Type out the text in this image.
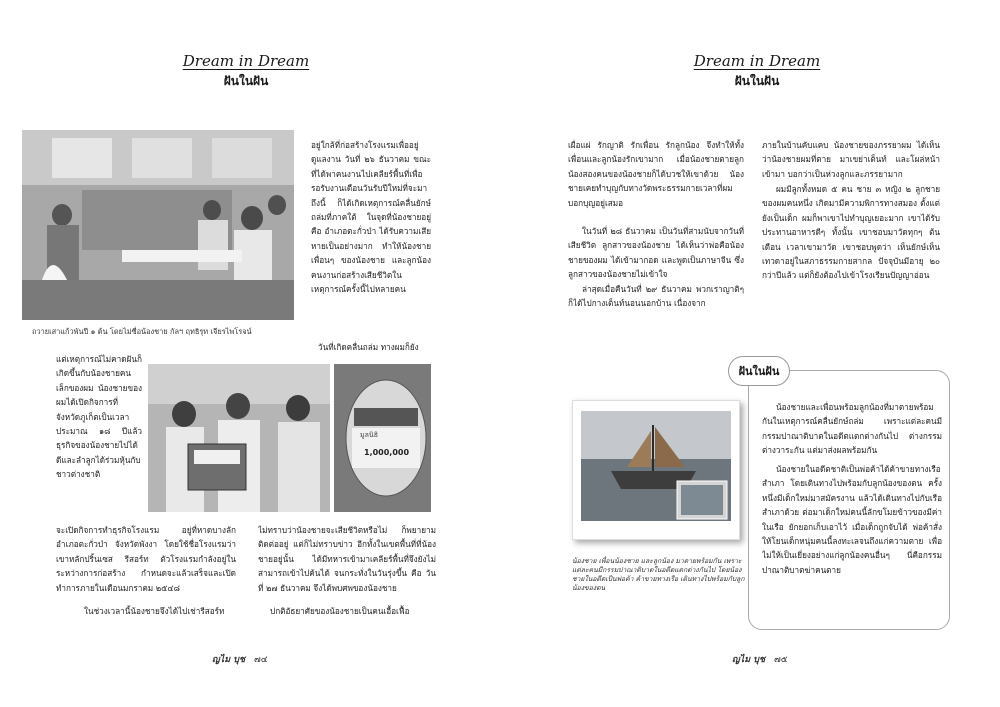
Dream in Dream
ฝันในฝัน
ถวายเสาแก้วพันปี ๑ ต้น โดยไม่ซื่อน้องชาย กัลฯ ฤทธิรุท เจียรไพโรจน์
อยู่ใกล้ที่ก่อสร้างโรงแรมเพื่ออยู่ดูแลงาน วันที่ ๒๖ ธันวาคม ขณะที่ได้พาคนงานไปเคลียร์พื้นที่เพื่อรอรับงานเดือนวันรับปีใหม่ที่จะมาถึงนี้ ก็ได้เกิดเหตุการณ์คลื่นยักษ์ถล่มที่ภาคใต้ ในจุดที่น้องชายอยู่ คือ อำเภอตะกั่วป่า ได้รับความเสียหายเป็นอย่างมาก ทำให้น้องชาย เพื่อนๆ ของน้องชาย และลูกน้อง คนงานก่อสร้างเสียชีวิตในเหตุการณ์ครั้งนี้ไปหลายคน
วันที่เกิดคลื่นถล่ม ทางผมก็ยัง
แต่เหตุการณ์ไม่คาดฝันก็เกิดขึ้นกับน้องชายคนเล็กของผม น้องชายของผมได้เปิดกิจการที่จังหวัดภูเก็ตเป็นเวลาประมาณ ๑๘ ปีแล้ว ธุรกิจของน้องชายไปได้ดีและลำลูกได้ร่วมหุ้นกับชาวต่างชาติ
มูลนิธิ
1,000,000
จะเปิดกิจการทำธุรกิจโรงแรม อยู่ที่หาดบางลัก อำเภอตะกั่วป่า จังหวัดพังงา โดยใช้ชื่อโรงแรมว่า เขาหลักปริ้นเซส รีสอร์ท ตัวโรงแรมกำลังอยู่ในระหว่างการก่อสร้าง กำหนดจะแล้วเสร็จและเปิดทำการภายในเดือนมกราคม ๒๕๔๘
ในช่วงเวลานี้น้องชายจึงได้ไปเช่ารีสอร์ท
ไม่ทราบว่าน้องชายจะเสียชีวิตหรือไม่ ก็พยายามติดต่ออยู่ แต่ก็ไม่ทราบข่าว อีกทั้งในเขตพื้นที่ที่น้องชายอยู่นั้น ได้มีทหารเข้ามาเคลียร์พื้นที่จึงยังไม่สามารถเข้าไปค้นได้ จนกระทั่งในวันรุ่งขึ้น คือ วันที่ ๒๗ ธันวาคม จึงได้พบศพของน้องชาย
ปกติอัธยาศัยของน้องชายเป็นคนเอื้อเฟื้อ
ญไม บุช ๗๔
Dream in Dream
ฝันในฝัน
เผื่อแผ่ รักญาติ รักเพื่อน รักลูกน้อง จึงทำให้ทั้งเพื่อนและลูกน้องรักเขามาก เมื่อน้องชายตายลูกน้องสองคนของน้องชายก็ได้บวชให้เขาด้วย น้องชายเคยทำบุญกับทางวัดพระธรรมกายเวลาที่ผมบอกบุญอยู่เสมอ
ในวันที่ ๒๘ ธันวาคม เป็นวันที่สามนับจากวันที่เสียชีวิต ลูกสาวของน้องชาย ได้เห็นว่าพ่อคือน้องชายของผม ได้เข้ามากอด และพูดเป็นภาษาจีน ซึ่งลูกสาวของน้องชายไม่เข้าใจ
ล่าสุดเมื่อคืนวันที่ ๒๙ ธันวาคม พวกเราญาติๆ ก็ได้ไปกางเต็นท์นอนนอกบ้าน เนื่องจาก
ภายในบ้านคับแคบ น้องชายของภรรยาผม ได้เห็นว่าน้องชายผมที่ตาย มาเขย่าเต็นท์ และโผล่หน้าเข้ามา บอกว่าเป็นห่วงลูกและภรรยามาก
ผมมีลูกทั้งหมด ๕ คน ชาย ๓ หญิง ๒ ลูกชายของผมคนหนึ่ง เกิดมามีความพิการทางสมอง ตั้งแต่ยังเป็นเด็ก ผมก็พาเขาไปทำบุญเยอะมาก เขาได้รับประทานอาหารดีๆ ทั้งนั้น เขาชอบมาวัดทุกๆ ต้นเดือน เวลาเขามาวัด เขาชอบพูดว่า เห็นยักษ์เห็นเทวดาอยู่ในสภาธรรมกายสากล ปัจจุบันมีอายุ ๒๐ กว่าปีแล้ว แต่ก็ยังต้องไปเข้าโรงเรียนปัญญาอ่อน
ฝันในฝัน
น้องชายและเพื่อนพร้อมลูกน้องที่มาตายพร้อมกันในเหตุการณ์คลื่นยักษ์ถล่ม เพราะแต่ละคนมีกรรมปาณาติบาตในอดีตแตกต่างกันไป ต่างกรรมต่างวาระกัน แต่มาส่งผลพร้อมกัน
น้องชายในอดีตชาติเป็นพ่อค้าได้ค้าขายทางเรือสำเภา โดยเดินทางไปพร้อมกับลูกน้องของตน ครั้งหนึ่งมีเด็กใหม่มาสมัครงาน แล้วได้เดินทางไปกับเรือสำเภาด้วย ต่อมาเด็กใหม่คนนี้ลักขโมยข้าวของมีค่าในเรือ ยักยอกเก็บเอาไว้ เมื่อเด็กถูกจับได้ พ่อค้าสั่งให้โยนเด็กหนุ่มคนนี้ลงทะเลจนถึงแก่ความตาย เพื่อไม่ให้เป็นเยี่ยงอย่างแก่ลูกน้องคนอื่นๆ นี่คือกรรมปาณาติบาตฆ่าคนตาย
น้องชาย เพื่อนน้องชาย และลูกน้อง มาตายพร้อมกัน เพราะแต่ละคนมีกรรมปาณาติบาตในอดีตแตกต่างกันไป โดยน้องชายในอดีตเป็นพ่อค้า ค้าขายทางเรือ เดินทางไปพร้อมกับลูกน้องของตน
ญไม บุช ๗๕
